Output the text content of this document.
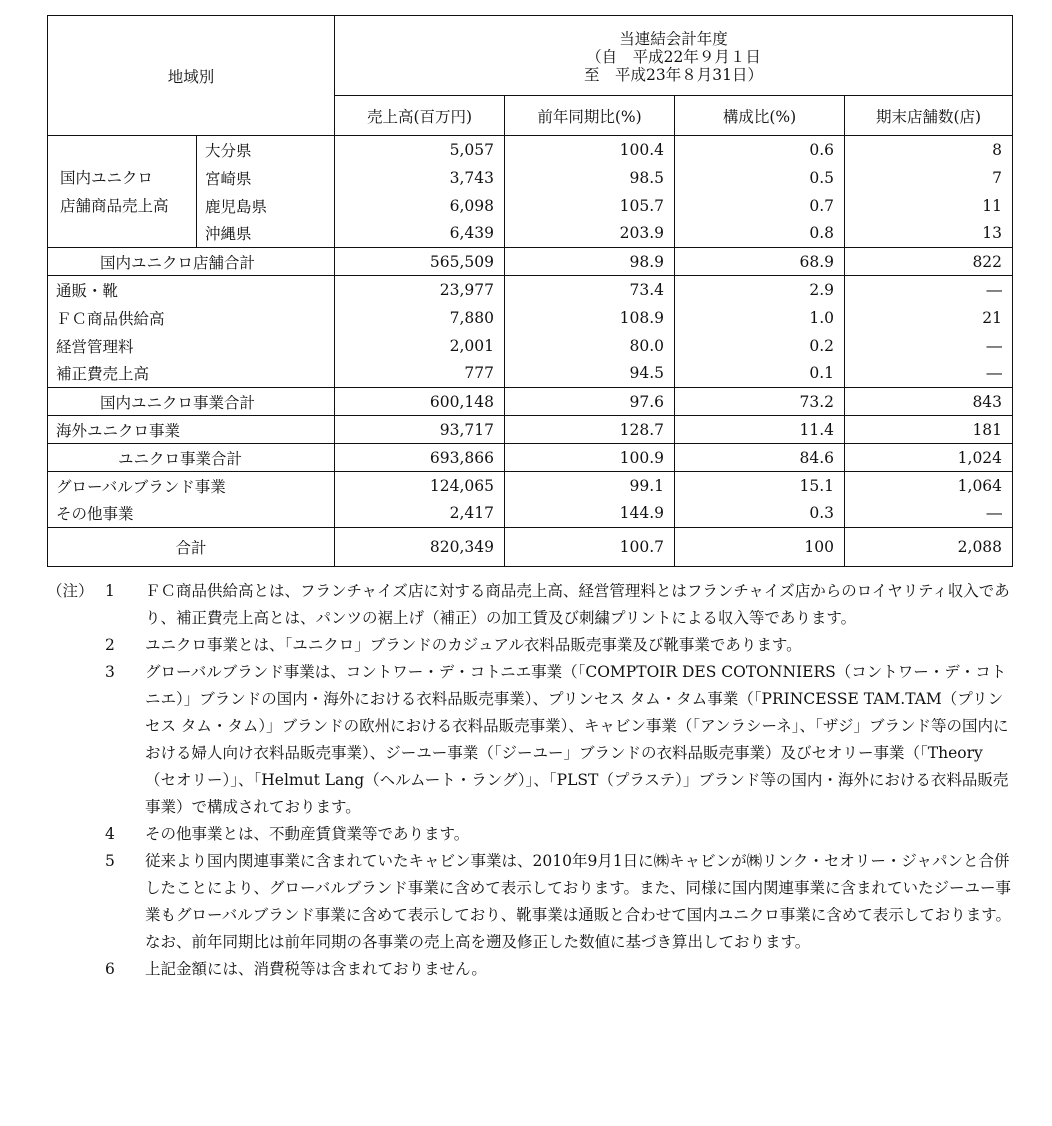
地域別		当連結会計年度
（自　平成22年９月１日
至　平成23年８月31日）			

		売上高(百万円)	前年同期比(%)	構成比(%)	期末店舗数(店)

国内ユニクロ
店舗商品売上高	大分県	5,057	100.4	0.6	8
	宮崎県	3,743	98.5	0.5	7
	鹿児島県	6,098	105.7	0.7	11
	沖縄県	6,439	203.9	0.8	13
国内ユニクロ店舗合計		565,509	98.9	68.9	822
通販・靴		23,977	73.4	2.9	―
ＦＣ商品供給高		7,880	108.9	1.0	21
経営管理料		2,001	80.0	0.2	―
補正費売上高		777	94.5	0.1	―
国内ユニクロ事業合計		600,148	97.6	73.2	843
海外ユニクロ事業		93,717	128.7	11.4	181
ユニクロ事業合計		693,866	100.9	84.6	1,024
グローバルブランド事業		124,065	99.1	15.1	1,064
その他事業		2,417	144.9	0.3	―
合計		820,349	100.7	100	2,088
（注） 1	ＦＣ商品供給高とは、フランチャイズ店に対する商品売上高、経営管理料とはフランチャイズ店からのロイヤリティ収入であり、補正費売上高とは、パンツの裾上げ（補正）の加工賃及び刺繍プリントによる収入等であります。
2	ユニクロ事業とは、「ユニクロ」ブランドのカジュアル衣料品販売事業及び靴事業であります。
3	グローバルブランド事業は、コントワー・デ・コトニエ事業（「COMPTOIR DES COTONNIERS（コントワー・デ・コトニエ）」ブランドの国内・海外における衣料品販売事業）、プリンセス タム・タム事業（「PRINCESSE TAM.TAM（プリンセス タム・タム）」ブランドの欧州における衣料品販売事業）、キャビン事業（「アンラシーネ」、「ザジ」ブランド等の国内における婦人向け衣料品販売事業）、ジーユー事業（「ジーユー」ブランドの衣料品販売事業）及びセオリー事業（「Theory（セオリー）」、「Helmut Lang（ヘルムート・ラング）」、「PLST（プラステ）」ブランド等の国内・海外における衣料品販売事業）で構成されております。
4	その他事業とは、不動産賃貸業等であります。
5	従来より国内関連事業に含まれていたキャビン事業は、2010年9月1日に㈱キャビンが㈱リンク・セオリー・ジャパンと合併したことにより、グローバルブランド事業に含めて表示しております。また、同様に国内関連事業に含まれていたジーユー事業もグローバルブランド事業に含めて表示しており、靴事業は通販と合わせて国内ユニクロ事業に含めて表示しております。なお、前年同期比は前年同期の各事業の売上高を遡及修正した数値に基づき算出しております。
6	上記金額には、消費税等は含まれておりません。
